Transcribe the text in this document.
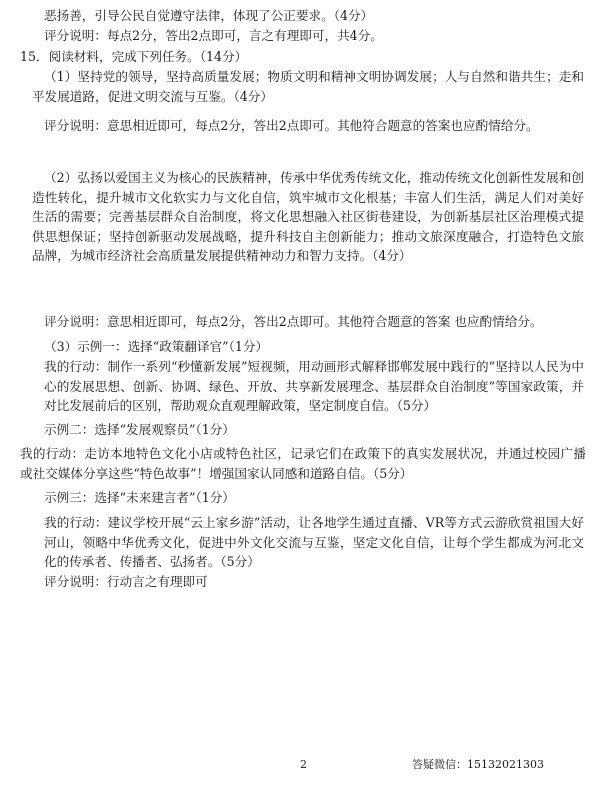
恶扬善，引导公民自觉遵守法律，体现了公正要求。（4分）
评分说明：每点2分，答出2点即可，言之有理即可，共4分。
15．阅读材料，完成下列任务。（14分）
（1）坚持党的领导，坚持高质量发展；物质文明和精神文明协调发展；人与自然和谐共生；走和平发展道路，促进文明交流与互鉴。（4分）
评分说明：意思相近即可，每点2分，答出2点即可。其他符合题意的答案也应酌情给分。
（2）弘扬以爱国主义为核心的民族精神，传承中华优秀传统文化，推动传统文化创新性发展和创造性转化，提升城市文化软实力与文化自信，筑牢城市文化根基；丰富人们生活，满足人们对美好生活的需要；完善基层群众自治制度，将文化思想融入社区街巷建设，为创新基层社区治理模式提供思想保证；坚持创新驱动发展战略，提升科技自主创新能力；推动文旅深度融合，打造特色文旅品牌，为城市经济社会高质量发展提供精神动力和智力支持。（4分）
评分说明：意思相近即可，每点2分，答出2点即可。其他符合题意的答案 也应酌情给分。
（3）示例一：选择“政策翻译官”（1分）
我的行动：制作一系列“秒懂新发展”短视频，用动画形式解释邯郸发展中践行的“坚持以人民为中心的发展思想、创新、协调、绿色、开放、共享新发展理念、基层群众自治制度”等国家政策，并对比发展前后的区别，帮助观众直观理解政策，坚定制度自信。（5分）
示例二：选择“发展观察员”（1分）
我的行动：走访本地特色文化小店或特色社区，记录它们在政策下的真实发展状况，并通过校园广播或社交媒体分享这些“特色故事”！增强国家认同感和道路自信。（5分）
示例三：选择“未来建言者”（1分）
我的行动：建议学校开展“云上家乡游”活动，让各地学生通过直播、VR等方式云游欣赏祖国大好河山，领略中华优秀文化，促进中外文化交流与互鉴，坚定文化自信，让每个学生都成为河北文化的传承者、传播者、弘扬者。（5分）
评分说明：行动言之有理即可
2	答疑微信：15132021303
